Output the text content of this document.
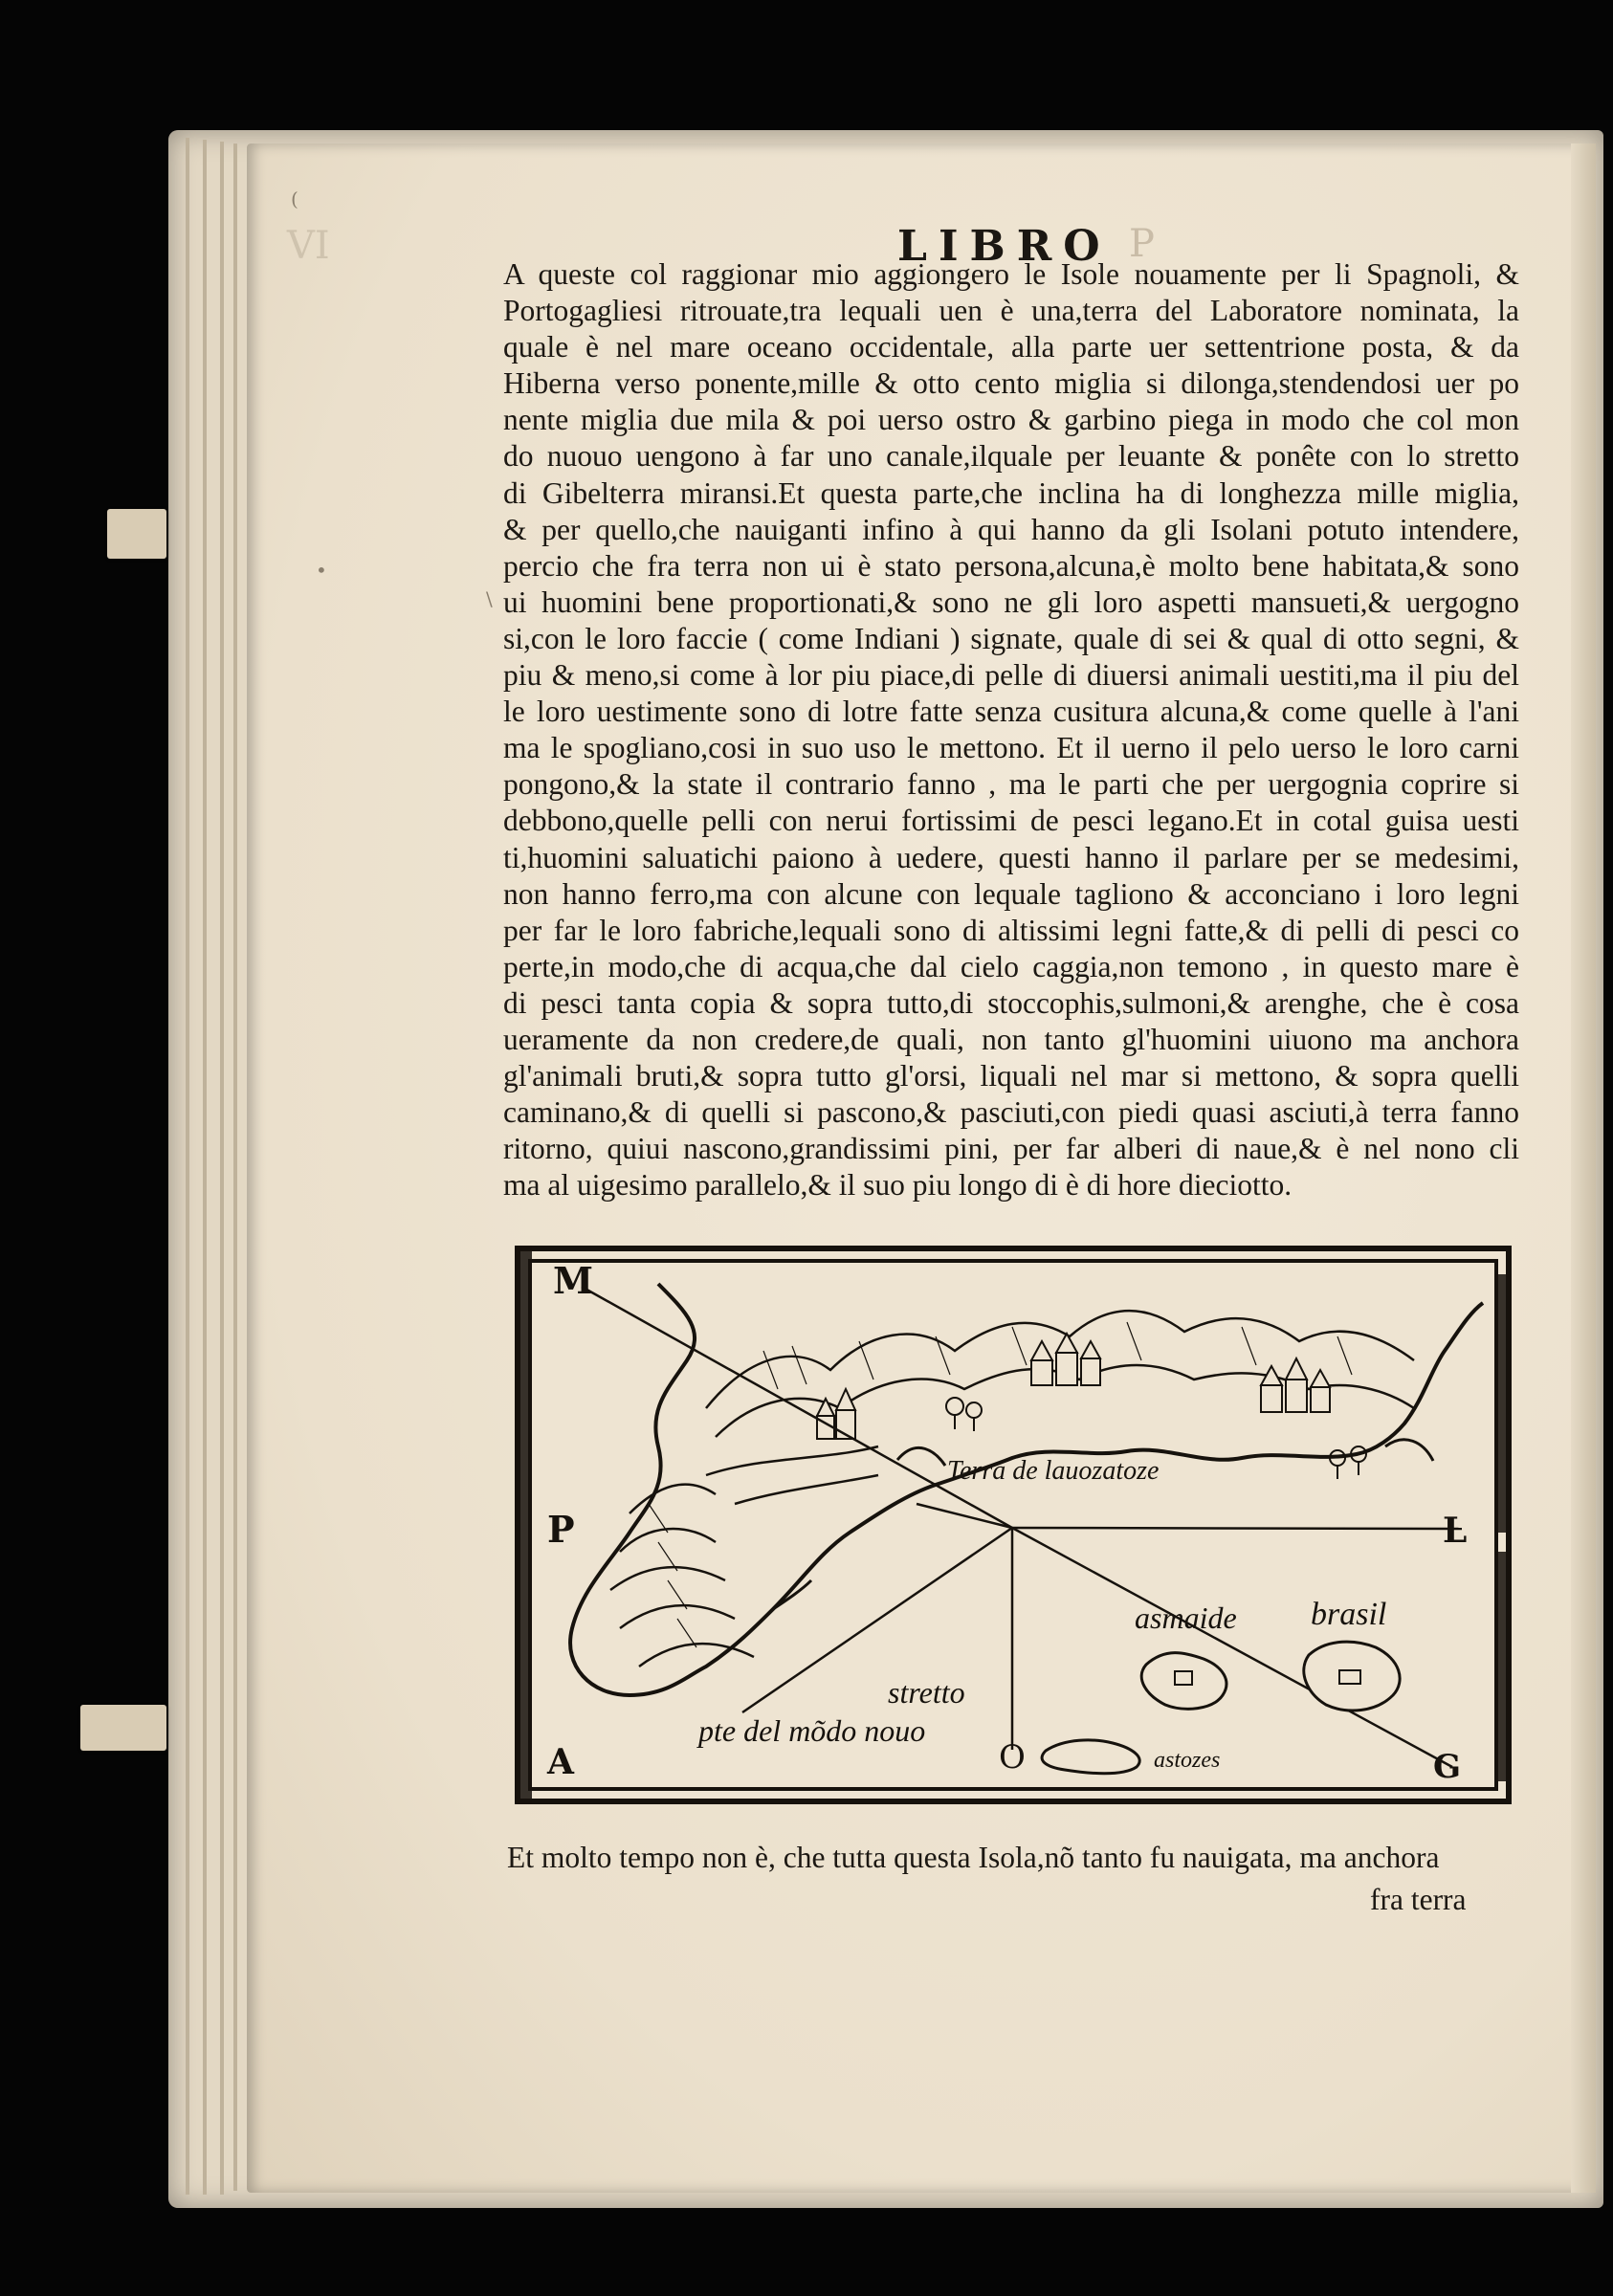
(
•
\
VI	LIBRO P
A queste col raggionar mio aggiongero le Isole nouamente per li Spagnoli, &
Portogagliesi ritrouate,tra lequali uen è una,terra del Laboratore nominata, la
quale è nel mare oceano occidentale, alla parte uer settentrione posta, & da
Hiberna verso ponente,mille & otto cento miglia si dilonga,stendendosi uer po
nente miglia due mila & poi uerso ostro & garbino piega in modo che col mon
do nuouo uengono à far uno canale,ilquale per leuante & ponête con lo stretto
di Gibelterra miransi.Et questa parte,che inclina ha di longhezza mille miglia,
& per quello,che nauiganti infino à qui hanno da gli Isolani potuto intendere,
percio che fra terra non ui è stato persona,alcuna,è molto bene habitata,& sono
ui huomini bene proportionati,& sono ne gli loro aspetti mansueti,& uergogno
si,con le loro faccie ( come Indiani ) signate, quale di sei & qual di otto segni, &
piu & meno,si come à lor piu piace,di pelle di diuersi animali uestiti,ma il piu del
le loro uestimente sono di lotre fatte senza cusitura alcuna,& come quelle à l'ani
ma le spogliano,cosi in suo uso le mettono. Et il uerno il pelo uerso le loro carni
pongono,& la state il contrario fanno , ma le parti che per uergognia coprire si
debbono,quelle pelli con nerui fortissimi de pesci legano.Et in cotal guisa uesti
ti,huomini saluatichi paiono à uedere, questi hanno il parlare per se medesimi,
non hanno ferro,ma con alcune con lequale tagliono & acconciano i loro legni
per far le loro fabriche,lequali sono di altissimi legni fatte,& di pelli di pesci co
perte,in modo,che di acqua,che dal cielo caggia,non temono , in questo mare è
di pesci tanta copia & sopra tutto,di stoccophis,sulmoni,& arenghe, che è cosa
ueramente da non credere,de quali, non tanto gl'huomini uiuono ma anchora
gl'animali bruti,& sopra tutto gl'orsi, liquali nel mar si mettono, & sopra quelli
caminano,& di quelli si pascono,& pasciuti,con piedi quasi asciuti,à terra fanno
ritorno, quiui nascono,grandissimi pini, per far alberi di naue,& è nel nono cli
ma al uigesimo parallelo,& il suo piu longo di è di hore dieciotto.
M
P
A	O	G
L
Terra de lauozatoze
asmaide brasil
stretto
pte del mõdo nouo
astozes
Et molto tempo non è, che tutta questa Isola,nõ tanto fu nauigata, ma anchora
fra terra
